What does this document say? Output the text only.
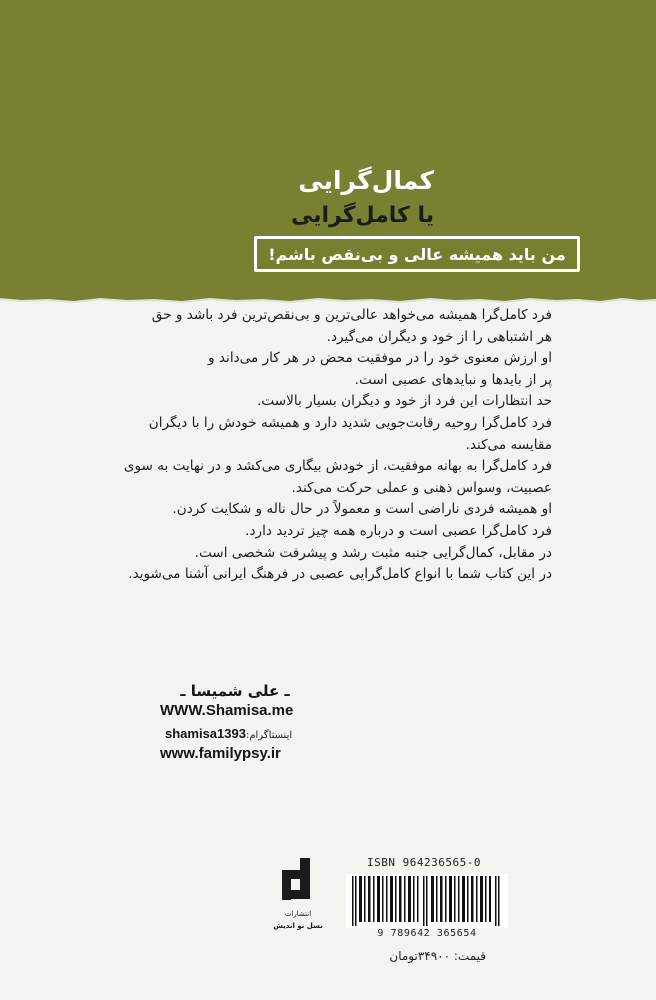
کمال‌گرایی
یا کامل‌گرایی
من باید همیشه عالی و بی‌نقص باشم!

فرد کامل‌گرا همیشه می‌خواهد عالی‌ترین و بی‌نقص‌ترین فرد باشد و حق

هر اشتباهی را از خود و دیگران می‌گیرد.

او ارزش معنوی خود را در موفقیت محض در هر کار می‌داند و

پر از بایدها و نبایدهای عصبی است.

حد انتظارات این فرد از خود و دیگران بسیار بالاست.

فرد کامل‌گرا روحیه رقابت‌جویی شدید دارد و همیشه خودش را با دیگران

مقایسه می‌کند.

فرد کامل‌گرا به بهانه موفقیت، از خودش بیگاری می‌کشد و در نهایت به سوی

عصبیت، وسواس ذهنی و عملی حرکت می‌کند.

او همیشه فردی ناراضی است و معمولاً در حال ناله و شکایت کردن.

فرد کامل‌گرا عصبی است و درباره همه چیز تردید دارد.

در مقابل، کمال‌گرایی جنبه مثبت رشد و پیشرفت شخصی است.

در این کتاب شما با انواع کامل‌گرایی عصبی در فرهنگ ایرانی آشنا می‌شوید.

ـ علی شمیسا ـ
WWW.Shamisa.me
shamisa1393 اینستاگرام:
www.familypsy.ir
انتشارات
نسل نو اندیش
ISBN 964236565-0
9 789642 365654
قیمت: ۳۴۹۰۰تومان
